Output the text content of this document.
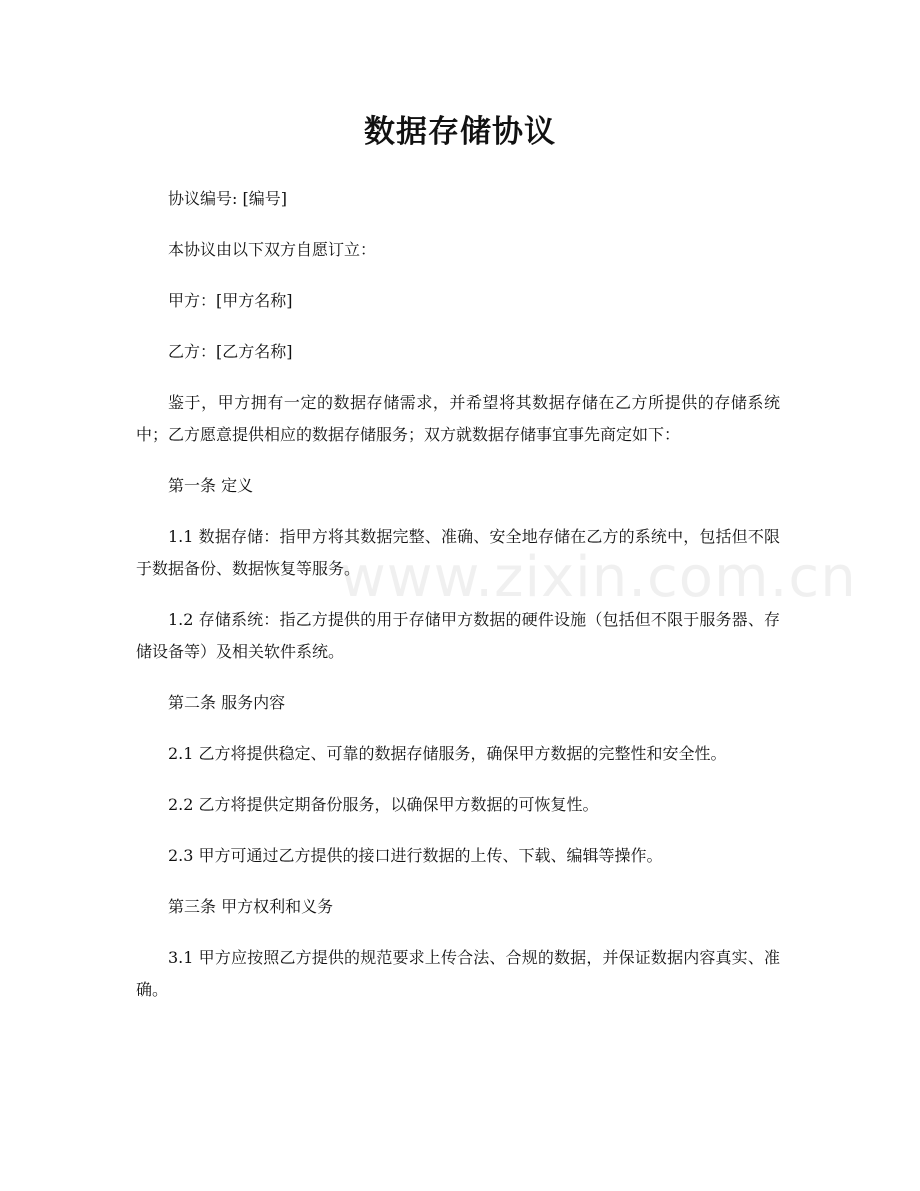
数据存储协议
www.zixin.com.cn

协议编号: [编号]

本协议由以下双方自愿订立：

甲方：[甲方名称]

乙方：[乙方名称]

鉴于，甲方拥有一定的数据存储需求，并希望将其数据存储在乙方所提供的存储系统中；乙方愿意提供相应的数据存储服务；双方就数据存储事宜事先商定如下：

第一条 定义

1.1 数据存储：指甲方将其数据完整、准确、安全地存储在乙方的系统中，包括但不限于数据备份、数据恢复等服务。

1.2 存储系统：指乙方提供的用于存储甲方数据的硬件设施（包括但不限于服务器、存储设备等）及相关软件系统。

第二条 服务内容

2.1 乙方将提供稳定、可靠的数据存储服务，确保甲方数据的完整性和安全性。

2.2 乙方将提供定期备份服务，以确保甲方数据的可恢复性。

2.3 甲方可通过乙方提供的接口进行数据的上传、下载、编辑等操作。

第三条 甲方权利和义务

3.1 甲方应按照乙方提供的规范要求上传合法、合规的数据，并保证数据内容真实、准确。
